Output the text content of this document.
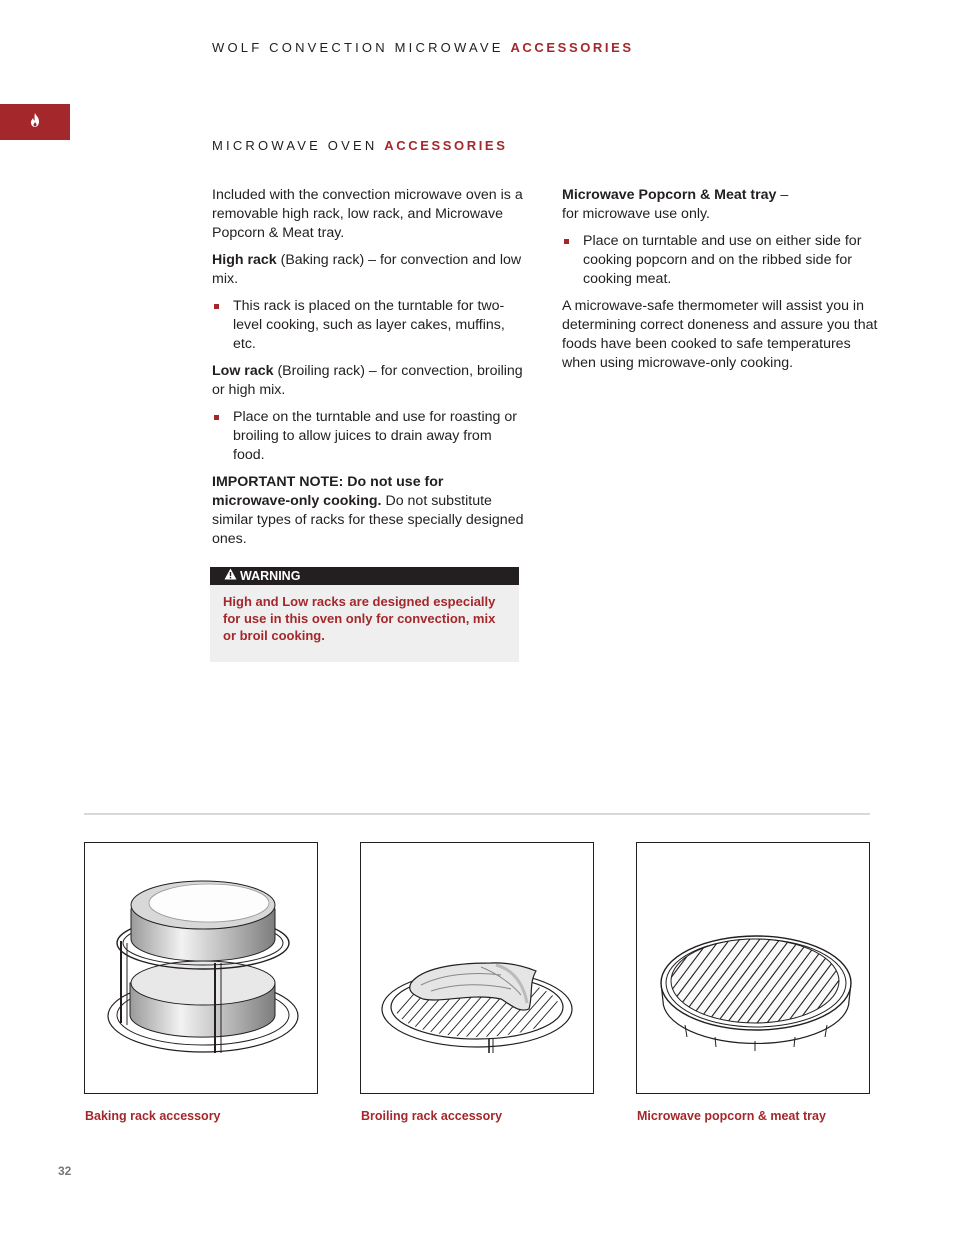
WOLF CONVECTION MICROWAVE ACCESSORIES
MICROWAVE OVEN ACCESSORIES

Included with the convection microwave oven is a removable high rack, low rack, and Microwave Popcorn & Meat tray.

High rack (Baking rack) – for convection and low mix.

This rack is placed on the turntable for two-level cooking, such as layer cakes, muffins, etc.

Low rack (Broiling rack) – for convection, broiling or high mix.

Place on the turntable and use for roasting or broiling to allow juices to drain away from food.

IMPORTANT NOTE: Do not use for microwave-only cooking. Do not substitute similar types of racks for these specially designed ones.

WARNING
High and Low racks are designed especially for use in this oven only for convection, mix or broil cooking.

Microwave Popcorn & Meat tray –
for microwave use only.

Place on turntable and use on either side for cooking popcorn and on the ribbed side for cooking meat.

A microwave-safe thermometer will assist you in determining correct doneness and assure you that foods have been cooked to safe temperatures when using microwave-only cooking.

Baking rack accessory	Broiling rack accessory	Microwave popcorn & meat tray
32
